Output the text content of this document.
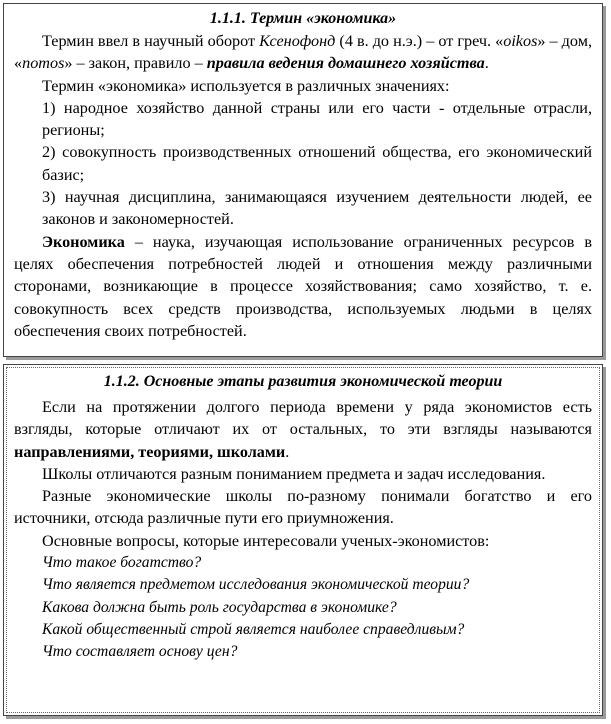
1.1.1. Термин «экономика»

Термин ввел в научный оборот Ксенофонд (4 в. до н.э.) – от греч. «oikos» – дом, «nomos» – закон, правило – правила ведения домашнего хозяйства.

Термин «экономика» используется в различных значениях:

1) народное хозяйство данной страны или его части - отдельные отрасли, регионы;

2) совокупность производственных отношений общества, его экономический базис;

3) научная дисциплина, занимающаяся изучением деятельности людей, ее законов и закономерностей.

Экономика – наука, изучающая использование ограниченных ресурсов в целях обеспечения потребностей людей и отношения между различными сторонами, возникающие в процессе хозяйствования; само хозяйство, т. е. совокупность всех средств производства, используемых людьми в целях обеспечения своих потребностей.

1.1.2. Основные этапы развития экономической теории

Если на протяжении долгого периода времени у ряда экономистов есть взгляды, которые отличают их от остальных, то эти взгляды называются направлениями, теориями, школами.

Школы отличаются разным пониманием предмета и задач исследования.

Разные экономические школы по-разному понимали богатство и его источники, отсюда различные пути его приумножения.

Основные вопросы, которые интересовали ученых-экономистов:

Что такое богатство?

Что является предметом исследования экономической теории?

Какова должна быть роль государства в экономике?

Какой общественный строй является наиболее справедливым?

Что составляет основу цен?
